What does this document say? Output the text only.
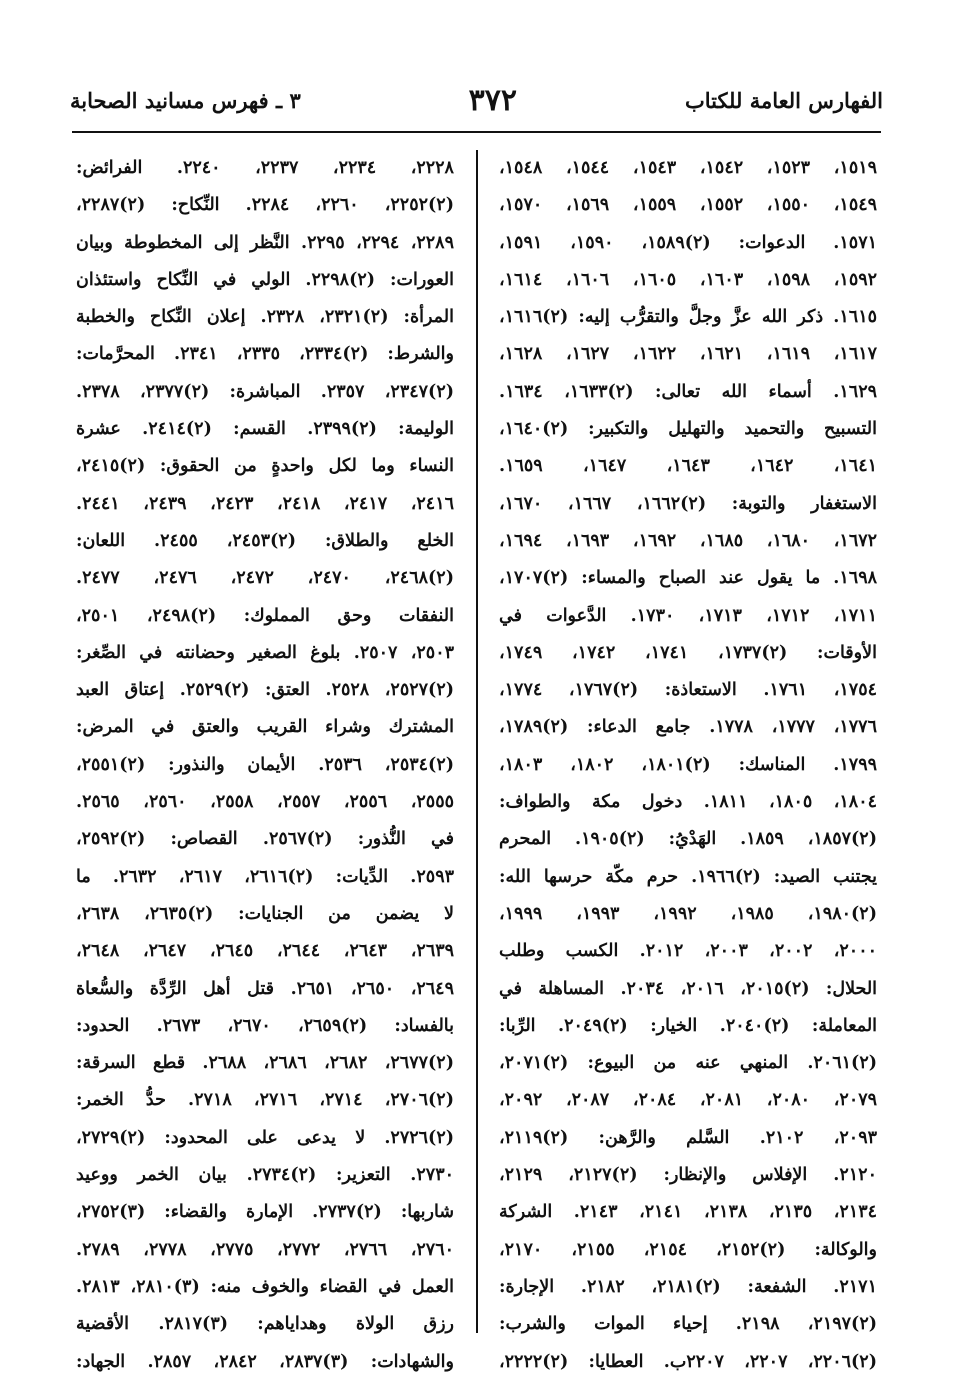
الفهارس العامة للكتاب
٣٧٢
٣ ـ فهرس مسانيد الصحابة
١٥١٩، ١٥٢٣، ١٥٤٢، ١٥٤٣، ١٥٤٤، ١٥٤٨،
١٥٤٩، ١٥٥٠، ١٥٥٢، ١٥٥٩، ١٥٦٩، ١٥٧٠،
١٥٧١. الدعوات: (٢)١٥٨٩، ١٥٩٠، ١٥٩١،
١٥٩٢، ١٥٩٨، ١٦٠٣، ١٦٠٥، ١٦٠٦، ١٦١٤،
١٦١٥. ذكر الله عزَّ وجلَّ والتقرُّب إليه: (٢)١٦١٦،
١٦١٧، ١٦١٩، ١٦٢١، ١٦٢٢، ١٦٢٧، ١٦٢٨،
١٦٢٩. أسماء الله تعالى: (٢)١٦٣٣، ١٦٣٤.
التسبيح والتحميد والتهليل والتكبير: (٢)١٦٤٠،
١٦٤١، ١٦٤٢، ١٦٤٣، ١٦٤٧، ١٦٥٩.
الاستغفار والتوبة: (٢)١٦٦٢، ١٦٦٧، ١٦٧٠،
١٦٧٢، ١٦٨٠، ١٦٨٥، ١٦٩٢، ١٦٩٣، ١٦٩٤،
١٦٩٨. ما يقول عند الصباح والمساء: (٢)١٧٠٧،
١٧١١، ١٧١٢، ١٧١٣، ١٧٣٠. الدَّعوات في
الأوقات: (٢)١٧٣٧، ١٧٤١، ١٧٤٢، ١٧٤٩،
١٧٥٤، ١٧٦١. الاستعاذة: (٢)١٧٦٧، ١٧٧٤،
١٧٧٦، ١٧٧٧، ١٧٧٨. جامع الدعاء: (٢)١٧٨٩،
١٧٩٩. المناسك: (٢)١٨٠١، ١٨٠٢، ١٨٠٣،
١٨٠٤، ١٨٠٥، ١٨١١. دخول مكة والطواف:
(٢)١٨٥٧، ١٨٥٩. الهَدْيُ: (٢)١٩٠٥. المحرم
يجتنب الصيد: (٢)١٩٦٦. حرم مكّة حرسها الله:
(٢)١٩٨٠، ١٩٨٥، ١٩٩٢، ١٩٩٣، ١٩٩٩،
٢٠٠٠، ٢٠٠٢، ٢٠٠٣، ٢٠١٢. الكسب وطلب
الحلال: (٢)٢٠١٥، ٢٠١٦، ٢٠٣٤. المساهلة في
المعاملة: (٢)٢٠٤٠. الخيار: (٢)٢٠٤٩. الرِّبا:
(٢)٢٠٦١. المنهي عنه من البيوع: (٢)٢٠٧١،
٢٠٧٩، ٢٠٨٠، ٢٠٨١، ٢٠٨٤، ٢٠٨٧، ٢٠٩٢،
٢٠٩٣، ٢١٠٢. السَّلم والرَّهن: (٢)٢١١٩،
٢١٢٠. الإفلاس والإنظار: (٢)٢١٢٧، ٢١٢٩،
٢١٣٤، ٢١٣٥، ٢١٣٨، ٢١٤١، ٢١٤٣. الشركة
والوكالة: (٢)٢١٥٢، ٢١٥٤، ٢١٥٥، ٢١٧٠،
٢١٧١. الشفعة: (٢)٢١٨١، ٢١٨٢. الإجارة:
(٢)٢١٩٧، ٢١٩٨. إحياء الموات والشرب:
(٢)٢٢٠٦، ٢٢٠٧، ٢٢٠٧ب. العطايا: (٢)٢٢٢٢،
٢٢٢٨، ٢٢٣٤، ٢٢٣٧، ٢٢٤٠. الفرائض:
(٢)٢٢٥٢، ٢٢٦٠، ٢٢٨٤. النِّكاح: (٢)٢٢٨٧،
٢٢٨٩، ٢٢٩٤، ٢٢٩٥. النَّظر إلى المخطوطة وبيان
العورات: (٢)٢٢٩٨. الولي في النِّكاح واستئذان
المرأة: (٢)٢٣٢١، ٢٣٢٨. إعلان النِّكاح والخطبة
والشرط: (٢)٢٣٣٤، ٢٣٣٥، ٢٣٤١. المحرَّمات:
(٢)٢٣٤٧، ٢٣٥٧. المباشرة: (٢)٢٣٧٧، ٢٣٧٨.
الوليمة: (٢)٢٣٩٩. القسم: (٢)٢٤١٤. عشرة
النساء وما لكل واحدةٍ من الحقوق: (٢)٢٤١٥،
٢٤١٦، ٢٤١٧، ٢٤١٨، ٢٤٢٣، ٢٤٣٩، ٢٤٤١.
الخلع والطلاق: (٢)٢٤٥٣، ٢٤٥٥. اللعان:
(٢)٢٤٦٨، ٢٤٧٠، ٢٤٧٢، ٢٤٧٦، ٢٤٧٧.
النفقات وحق المملوك: (٢)٢٤٩٨، ٢٥٠١،
٢٥٠٣، ٢٥٠٧. بلوغ الصغير وحضانته في الصِّغر:
(٢)٢٥٢٧، ٢٥٢٨. العتق: (٢)٢٥٢٩. إعتاق العبد
المشترك وشراء القريب والعتق في المرض:
(٢)٢٥٣٤، ٢٥٣٦. الأيمان والنذور: (٢)٢٥٥١،
٢٥٥٥، ٢٥٥٦، ٢٥٥٧، ٢٥٥٨، ٢٥٦٠، ٢٥٦٥.
في النُّذور: (٢)٢٥٦٧. القصاص: (٢)٢٥٩٢،
٢٥٩٣. الدِّيات: (٢)٢٦١٦، ٢٦١٧، ٢٦٣٢. ما
لا يضمن من الجنايات: (٢)٢٦٣٥، ٢٦٣٨،
٢٦٣٩، ٢٦٤٣، ٢٦٤٤، ٢٦٤٥، ٢٦٤٧، ٢٦٤٨،
٢٦٤٩، ٢٦٥٠، ٢٦٥١. قتل أهل الرِّدَّة والسُّعاة
بالفساد: (٢)٢٦٥٩، ٢٦٧٠، ٢٦٧٣. الحدود:
(٢)٢٦٧٧، ٢٦٨٢، ٢٦٨٦، ٢٦٨٨. قطع السرقة:
(٢)٢٧٠٦، ٢٧١٤، ٢٧١٦، ٢٧١٨. حدُّ الخمر:
(٢)٢٧٢٦. لا يدعى على المحدود: (٢)٢٧٢٩،
٢٧٣٠. التعزير: (٢)٢٧٣٤. بيان الخمر ووعيد
شاربها: (٢)٢٧٣٧. الإمارة والقضاء: (٣)٢٧٥٢،
٢٧٦٠، ٢٧٦٦، ٢٧٧٢، ٢٧٧٥، ٢٧٧٨، ٢٧٨٩.
العمل في القضاء والخوف منه: (٣)٢٨١٠، ٢٨١٣.
رزق الولاة وهداياهم: (٣)٢٨١٧. الأقضية
والشهادات: (٣)٢٨٣٧، ٢٨٤٢، ٢٨٥٧. الجهاد:
